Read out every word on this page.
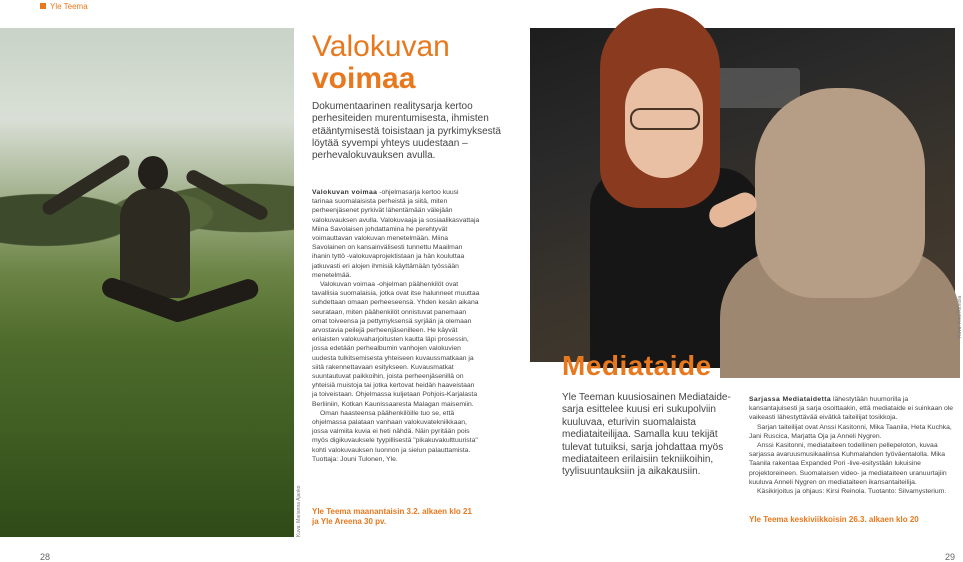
Yle Teema
Kuva: Marianna Ajanko
Valokuvan
voimaa
Dokumentaarinen realitysarja kertoo perhesiteiden murentumisesta, ihmisten etääntymisestä toisistaan ja pyrkimyksestä löytää syvempi yhteys uudestaan – perhevalokuvauksen avulla.

Valokuvan voimaa -ohjelmasarja kertoo kuusi tarinaa suomalaisista perheistä ja siitä, miten perheenjäsenet pyrkivät lähentämään välejään valokuvauksen avulla. Valokuvaaja ja sosiaalikasvattaja Miina Savolaisen johdattamina he perehtyvät voimauttavan valokuvan menetelmään. Miina Savolainen on kansainvälisesti tunnettu Maailman ihanin tyttö -valokuvaprojektistaan ja hän kouluttaa jatkuvasti eri alojen ihmisiä käyttämään työssään menetelmää.

Valokuvan voimaa -ohjelman päähenkilöt ovat tavallisia suomalaisia, jotka ovat itse halunneet muuttaa suhdettaan omaan perheeseensä. Yhden kesän aikana seurataan, miten päähenkilöt onnistuvat panemaan omat toiveensa ja pettymyksensä syrjään ja olemaan arvostavia peilejä perheenjäsenilleen. He käyvät erilaisten valokuvaharjoitusten kautta läpi prosessin, jossa edetään perhealbumin vanhojen valokuvien uudesta tulkitsemisesta yhteiseen kuvaussmatkaan ja siitä rakennettavaan esitykseen. Kuvausmatkat suuntautuvat paikkoihin, joista perheenjäsenillä on yhteisiä muistoja tai jotka kertovat heidän haaveistaan ja toiveistaan. Ohjelmassa kuljetaan Pohjois-Karjalasta Berliiniin, Kotkan Kaunissaaresta Malagan maisemiin.

Oman haasteensa päähenkilöille tuo se, että ohjelmassa palataan vanhaan valokuvatekniikkaan, jossa valmiita kuvia ei heti nähdä. Näin pyritään pois myös digikuvauksele tyypillisestä "pikakuvakulttuurista" kohti valokuvauksen luonnon ja sielun palauttamista. Tuottaja: Jouni Tulonen, Yle.

Yle Teema maanantaisin 3.2. alkaen klo 21 ja Yle Areena 30 pv.
Kuva: Kirsi Reinola
Mediataide
Yle Teeman kuusiosainen Mediataide-sarja esittelee kuusi eri sukupolviin kuuluvaa, eturivin suomalaista mediataiteilijaa. Samalla kuu tekijät tulevat tutuiksi, sarja johdattaa myös mediataiteen erilaisiin tekniikoihin, tyylisuuntauksiin ja aikakausiin.

Sarjassa Mediataidetta lähestytään huumorilla ja kansantajuisesti ja sarja osoittaakin, että mediataide ei suinkaan ole vaikeasti lähestyttävää eivätkä taiteilijat tosikkoja.

Sarjan taiteilijat ovat Anssi Kasitonni, Mika Taanila, Heta Kuchka, Jani Ruscica, Marjatta Oja ja Anneli Nygren.

Anssi Kasitonni, mediataiteen todellinen pellepeloton, kuvaa sarjassa avaruusmusikaalinsa Kuhmalahden työväentalolla. Mika Taanila rakentaa Expanded Pori -live-esitystään lukuisine projektoreineen. Suomalaisen video- ja mediataiteen uranuurtajiin kuuluva Anneli Nygren on mediataiteen ikansantaiteilija.

Käsikirjoitus ja ohjaus: Kirsi Reinola. Tuotanto: Silvamysterium.

Yle Teema keskiviikkoisin 26.3. alkaen klo 20
28	29
